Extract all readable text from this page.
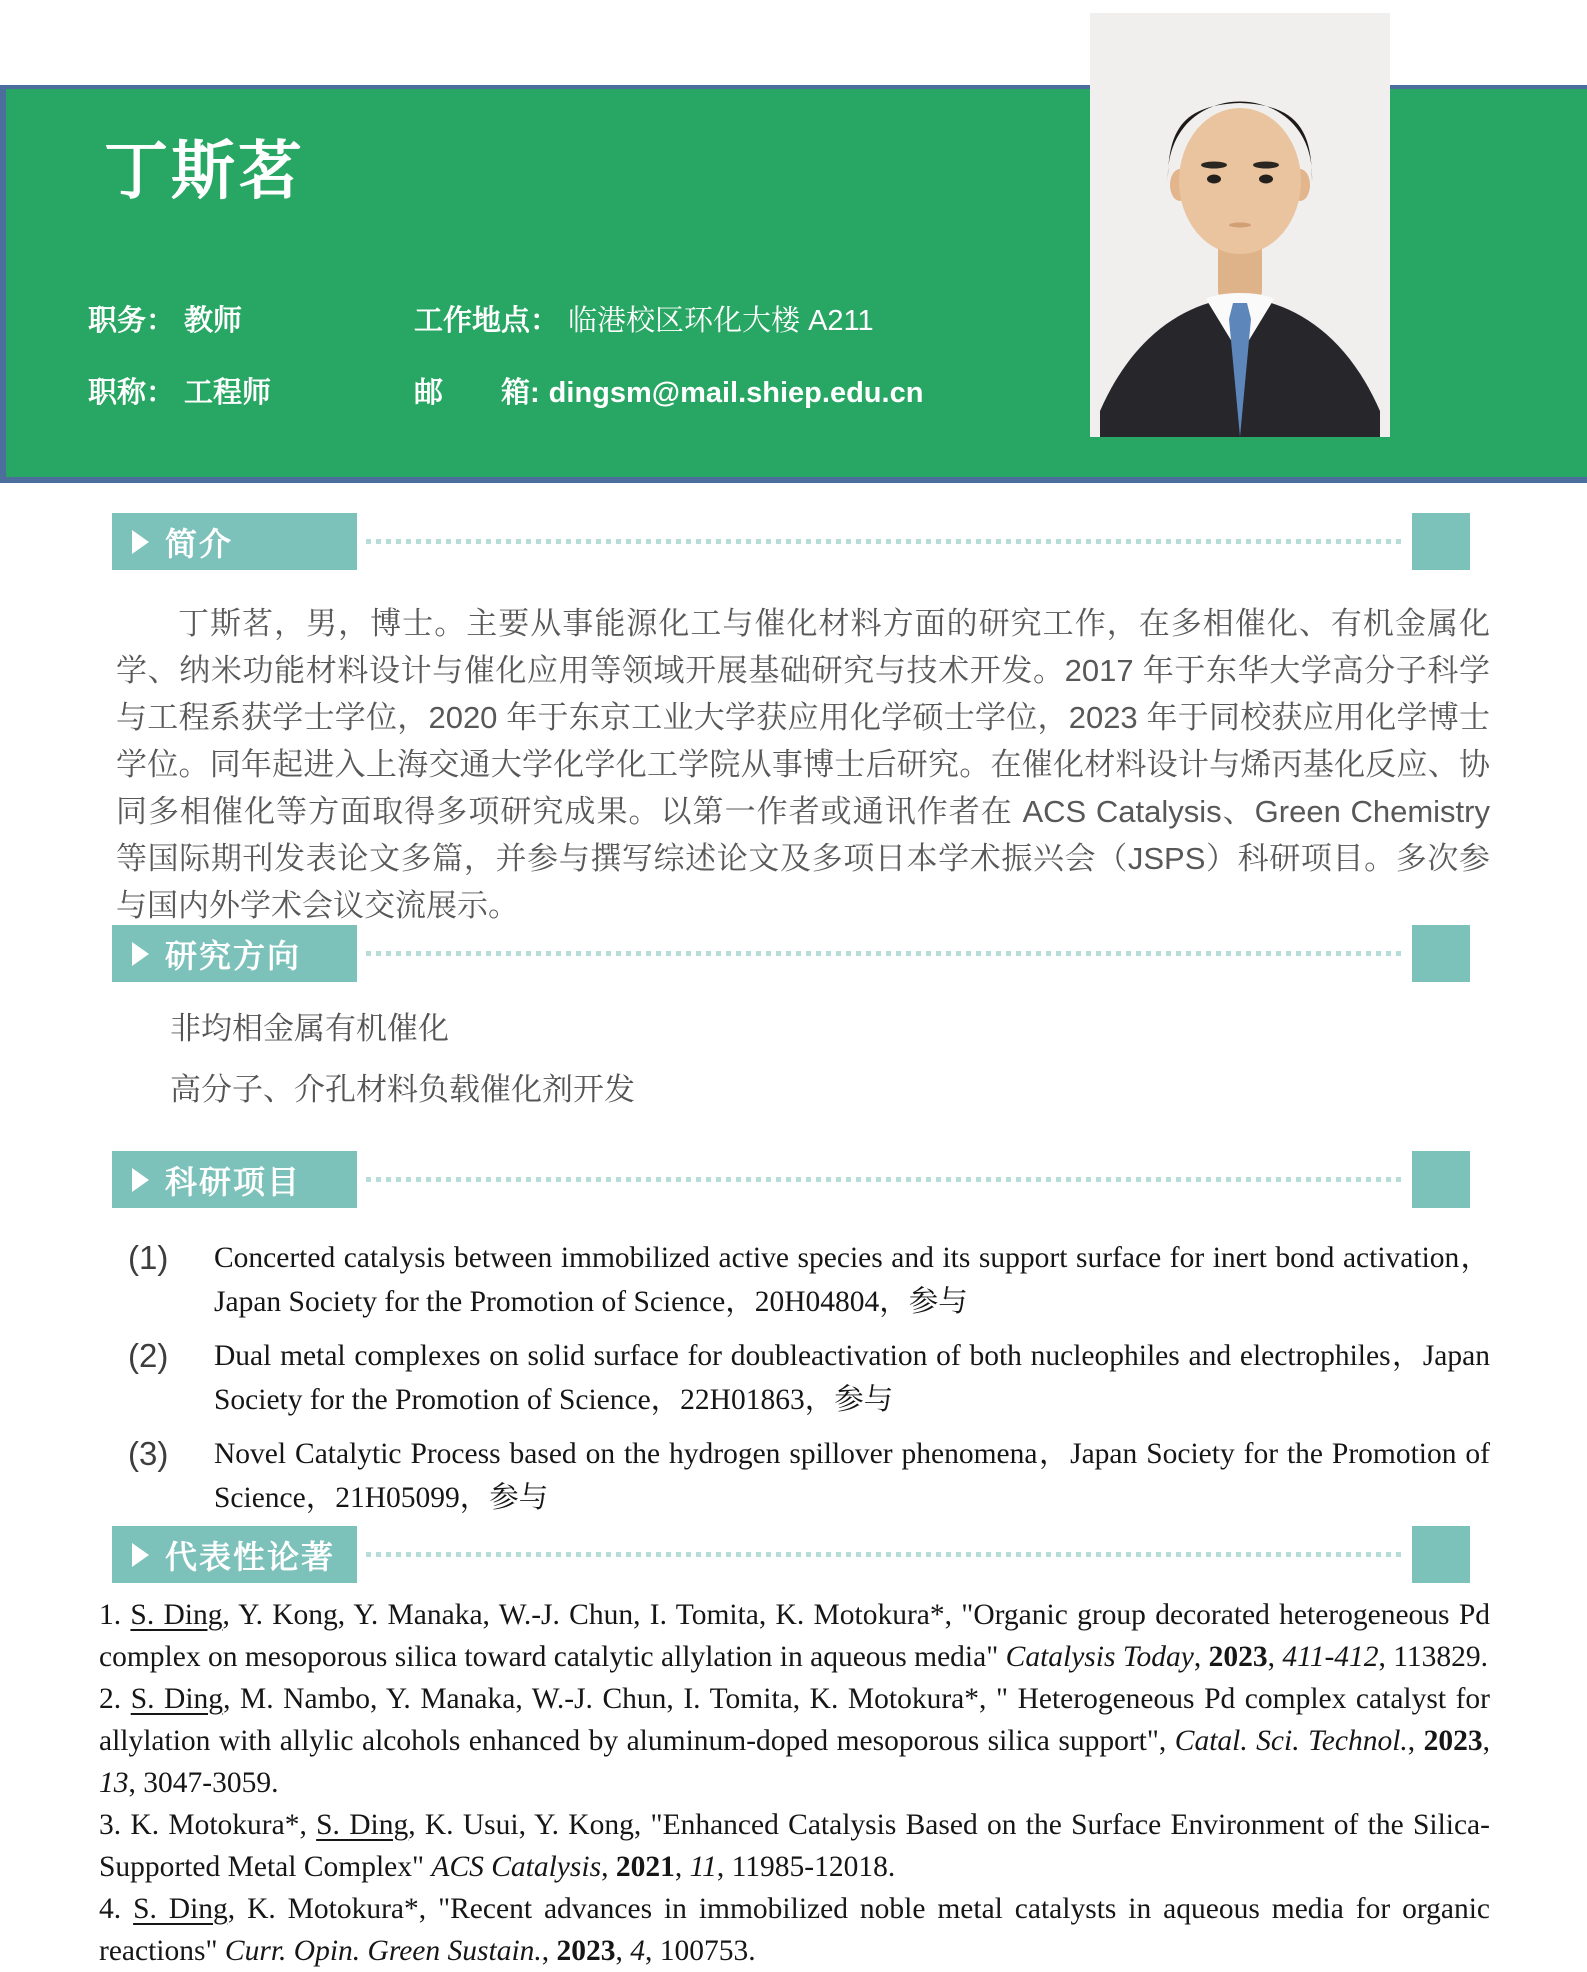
丁斯茗
职务： 教师	工作地点： 临港校区环化大楼 A211
职称： 工程师	邮　　箱: dingsm@mail.shiep.edu.cn
简介

丁斯茗，男，博士。主要从事能源化工与催化材料方面的研究工作，在多相催化、有机金属化学、纳米功能材料设计与催化应用等领域开展基础研究与技术开发。2017 年于东华大学高分子科学与工程系获学士学位，2020 年于东京工业大学获应用化学硕士学位，2023 年于同校获应用化学博士学位。同年起进入上海交通大学化学化工学院从事博士后研究。在催化材料设计与烯丙基化反应、协同多相催化等方面取得多项研究成果。以第一作者或通讯作者在 ACS Catalysis、Green Chemistry 等国际期刊发表论文多篇，并参与撰写综述论文及多项日本学术振兴会（JSPS）科研项目。多次参与国内外学术会议交流展示。

研究方向
非均相金属有机催化
高分子、介孔材料负载催化剂开发
科研项目
(1)	Concerted catalysis between immobilized active species and its support surface for inert bond activation，Japan Society for the Promotion of Science，20H04804，参与
(2)	Dual metal complexes on solid surface for doubleactivation of both nucleophiles and electrophiles，Japan Society for the Promotion of Science，22H01863，参与
(3)	Novel Catalytic Process based on the hydrogen spillover phenomena，Japan Society for the Promotion of Science，21H05099，参与
代表性论著

1. S. Ding, Y. Kong, Y. Manaka, W.-J. Chun, I. Tomita, K. Motokura*, "Organic group decorated heterogeneous Pd complex on mesoporous silica toward catalytic allylation in aqueous media" Catalysis Today, 2023, 411-412, 113829.

2. S. Ding, M. Nambo, Y. Manaka, W.-J. Chun, I. Tomita, K. Motokura*, " Heterogeneous Pd complex catalyst for allylation with allylic alcohols enhanced by aluminum-doped mesoporous silica support", Catal. Sci. Technol., 2023, 13, 3047-3059.

3. K. Motokura*, S. Ding, K. Usui, Y. Kong, "Enhanced Catalysis Based on the Surface Environment of the Silica-Supported Metal Complex" ACS Catalysis, 2021, 11, 11985-12018.

4. S. Ding, K. Motokura*, "Recent advances in immobilized noble metal catalysts in aqueous media for organic reactions" Curr. Opin. Green Sustain., 2023, 4, 100753.
